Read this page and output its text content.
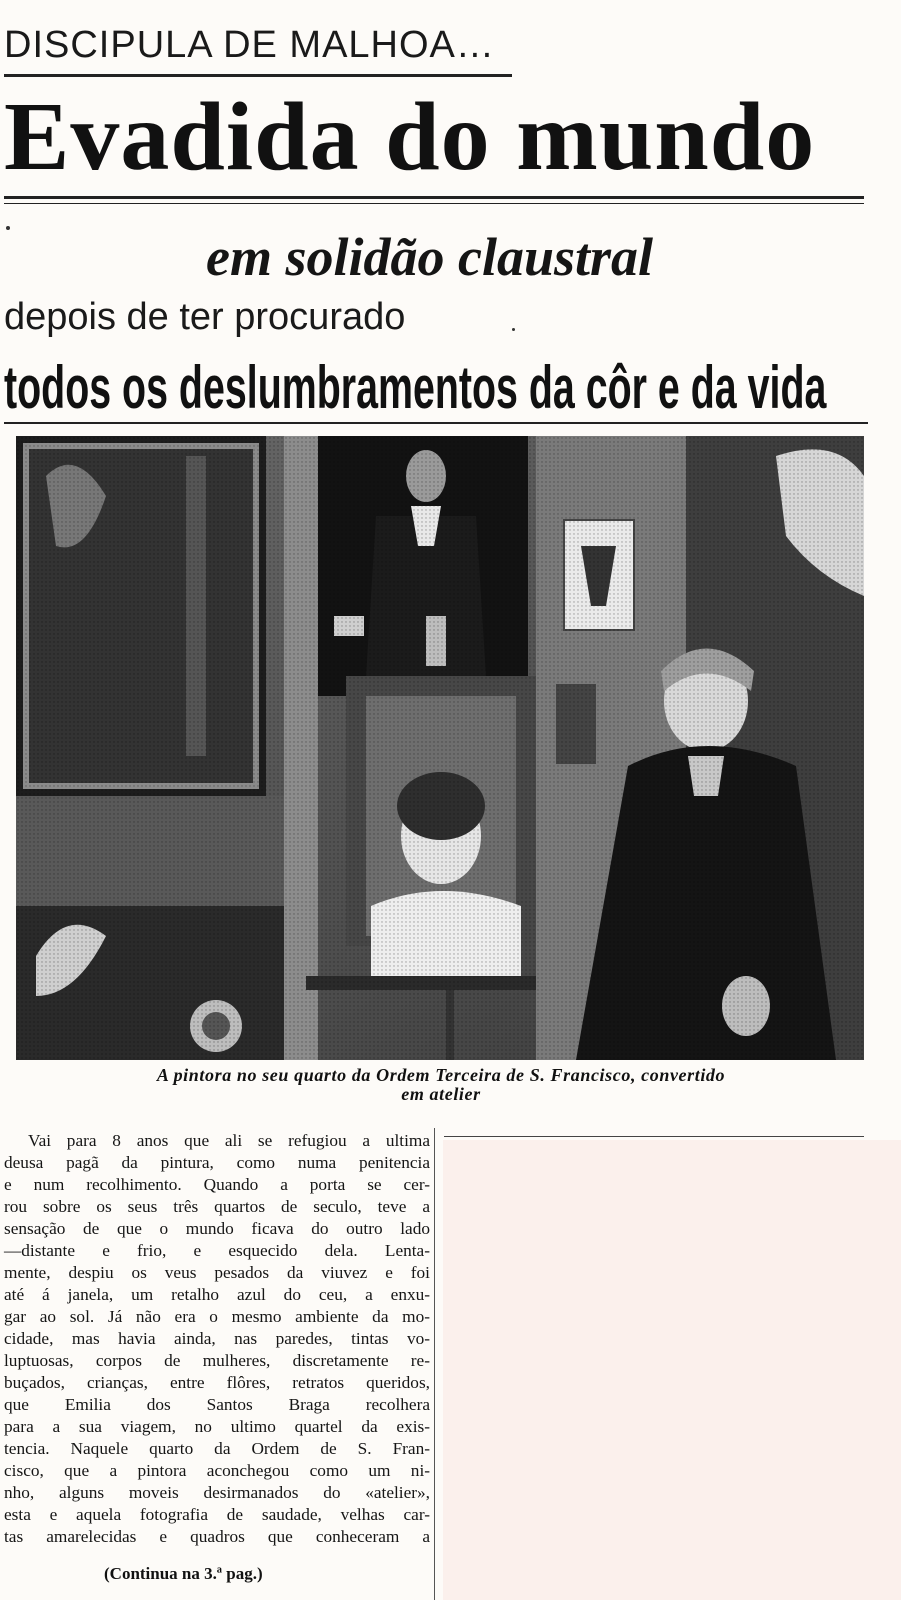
DISCIPULA DE MALHOA…
Evadida do mundo
em solidão claustral
depois de ter procurado
todos os deslumbramentos da côr e da vida
A pintora no seu quarto da Ordem Terceira de S. Francisco, convertido
em atelier
Vai para 8 anos que ali se refugiou a ultima
deusa pagã da pintura, como numa penitencia
e num recolhimento. Quando a porta se cer-
rou sobre os seus três quartos de seculo, teve a
sensação de que o mundo ficava do outro lado
—distante e frio, e esquecido dela. Lenta-
mente, despiu os veus pesados da viuvez e foi
até á janela, um retalho azul do ceu, a enxu-
gar ao sol. Já não era o mesmo ambiente da mo-
cidade, mas havia ainda, nas paredes, tintas vo-
luptuosas, corpos de mulheres, discretamente re-
buçados, crianças, entre flôres, retratos queridos,
que Emilia dos Santos Braga recolhera
para a sua viagem, no ultimo quartel da exis-
tencia. Naquele quarto da Ordem de S. Fran-
cisco, que a pintora aconchegou como um ni-
nho, alguns moveis desirmanados do «atelier»,
esta e aquela fotografia de saudade, velhas car-
tas amarelecidas e quadros que conheceram a
(Continua na 3.ª pag.)
